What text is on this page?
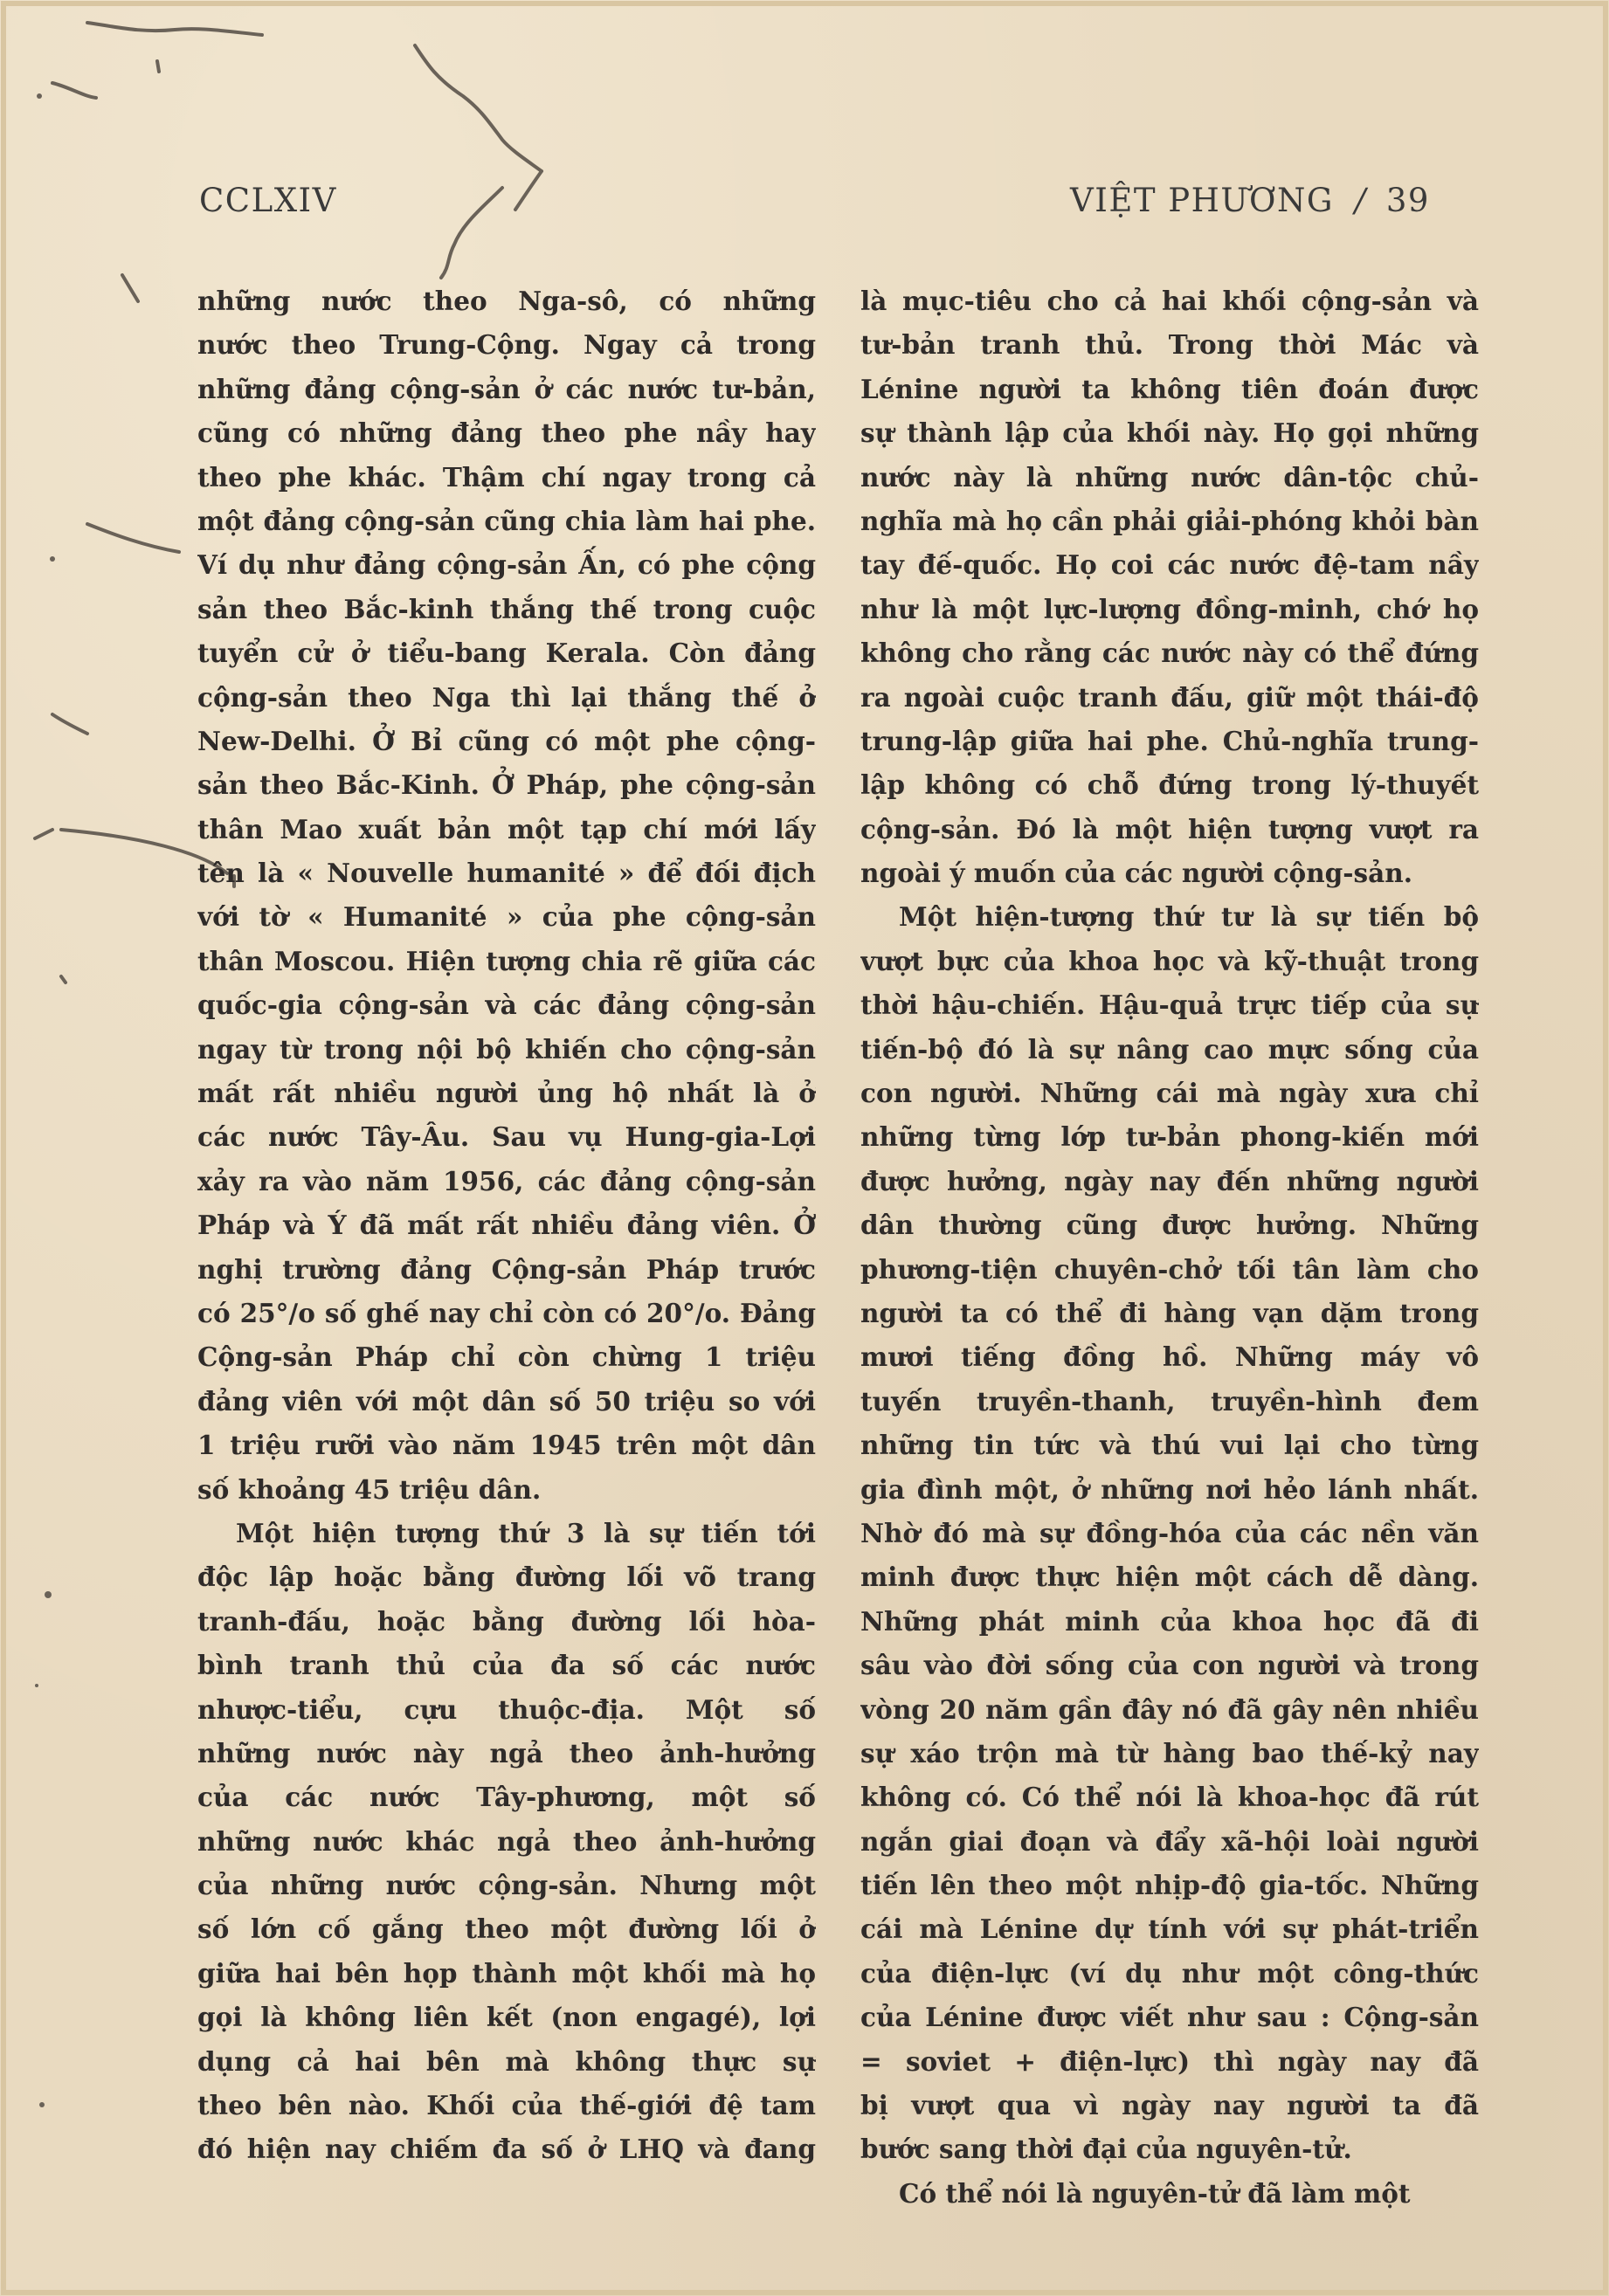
CCLXIV	VIỆT PHƯƠNG / 39
những nước theo Nga-sô, có những
nước theo Trung-Cộng. Ngay cả trong
những đảng cộng-sản ở các nước tư-bản,
cũng có những đảng theo phe nầy hay
theo phe khác. Thậm chí ngay trong cả
một đảng cộng-sản cũng chia làm hai phe.
Ví dụ như đảng cộng-sản Ấn, có phe cộng
sản theo Bắc-kinh thắng thế trong cuộc
tuyển cử ở tiểu-bang Kerala. Còn đảng
cộng-sản theo Nga thì lại thắng thế ở
New-Delhi. Ở Bỉ cũng có một phe cộng-
sản theo Bắc-Kinh. Ở Pháp, phe cộng-sản
thân Mao xuất bản một tạp chí mới lấy
tên là « Nouvelle humanité » để đối địch
với tờ « Humanité » của phe cộng-sản
thân Moscou. Hiện tượng chia rẽ giữa các
quốc-gia cộng-sản và các đảng cộng-sản
ngay từ trong nội bộ khiến cho cộng-sản
mất rất nhiều người ủng hộ nhất là ở
các nước Tây-Âu. Sau vụ Hung-gia-Lợi
xảy ra vào năm 1956, các đảng cộng-sản
Pháp và Ý đã mất rất nhiều đảng viên. Ở
nghị trường đảng Cộng-sản Pháp trước
có 25°/o số ghế nay chỉ còn có 20°/o. Đảng
Cộng-sản Pháp chỉ còn chừng 1 triệu
đảng viên với một dân số 50 triệu so với
1 triệu rưỡi vào năm 1945 trên một dân
số khoảng 45 triệu dân.
Một hiện tượng thứ 3 là sự tiến tới
độc lập hoặc bằng đường lối võ trang
tranh-đấu, hoặc bằng đường lối hòa-
bình tranh thủ của đa số các nước
nhược-tiểu, cựu thuộc-địa. Một số
những nước này ngả theo ảnh-hưởng
của các nước Tây-phương, một số
những nước khác ngả theo ảnh-hưởng
của những nước cộng-sản. Nhưng một
số lớn cố gắng theo một đường lối ở
giữa hai bên họp thành một khối mà họ
gọi là không liên kết (non engagé), lợi
dụng cả hai bên mà không thực sự
theo bên nào. Khối của thế-giới đệ tam
đó hiện nay chiếm đa số ở LHQ và đang
là mục-tiêu cho cả hai khối cộng-sản và
tư-bản tranh thủ. Trong thời Mác và
Lénine người ta không tiên đoán được
sự thành lập của khối này. Họ gọi những
nước này là những nước dân-tộc chủ-
nghĩa mà họ cần phải giải-phóng khỏi bàn
tay đế-quốc. Họ coi các nước đệ-tam nầy
như là một lực-lượng đồng-minh, chớ họ
không cho rằng các nước này có thể đứng
ra ngoài cuộc tranh đấu, giữ một thái-độ
trung-lập giữa hai phe. Chủ-nghĩa trung-
lập không có chỗ đứng trong lý-thuyết
cộng-sản. Đó là một hiện tượng vượt ra
ngoài ý muốn của các người cộng-sản.
Một hiện-tượng thứ tư là sự tiến bộ
vượt bực của khoa học và kỹ-thuật trong
thời hậu-chiến. Hậu-quả trực tiếp của sự
tiến-bộ đó là sự nâng cao mực sống của
con người. Những cái mà ngày xưa chỉ
những từng lớp tư-bản phong-kiến mới
được hưởng, ngày nay đến những người
dân thường cũng được hưởng. Những
phương-tiện chuyên-chở tối tân làm cho
người ta có thể đi hàng vạn dặm trong
mươi tiếng đồng hồ. Những máy vô
tuyến truyền-thanh, truyền-hình đem
những tin tức và thú vui lại cho từng
gia đình một, ở những nơi hẻo lánh nhất.
Nhờ đó mà sự đồng-hóa của các nền văn
minh được thực hiện một cách dễ dàng.
Những phát minh của khoa học đã đi
sâu vào đời sống của con người và trong
vòng 20 năm gần đây nó đã gây nên nhiều
sự xáo trộn mà từ hàng bao thế-kỷ nay
không có. Có thể nói là khoa-học đã rút
ngắn giai đoạn và đẩy xã-hội loài người
tiến lên theo một nhịp-độ gia-tốc. Những
cái mà Lénine dự tính với sự phát-triển
của điện-lực (ví dụ như một công-thức
của Lénine được viết như sau : Cộng-sản
= soviet + điện-lực) thì ngày nay đã
bị vượt qua vì ngày nay người ta đã
bước sang thời đại của nguyên-tử.
Có thể nói là nguyên-tử đã làm một
